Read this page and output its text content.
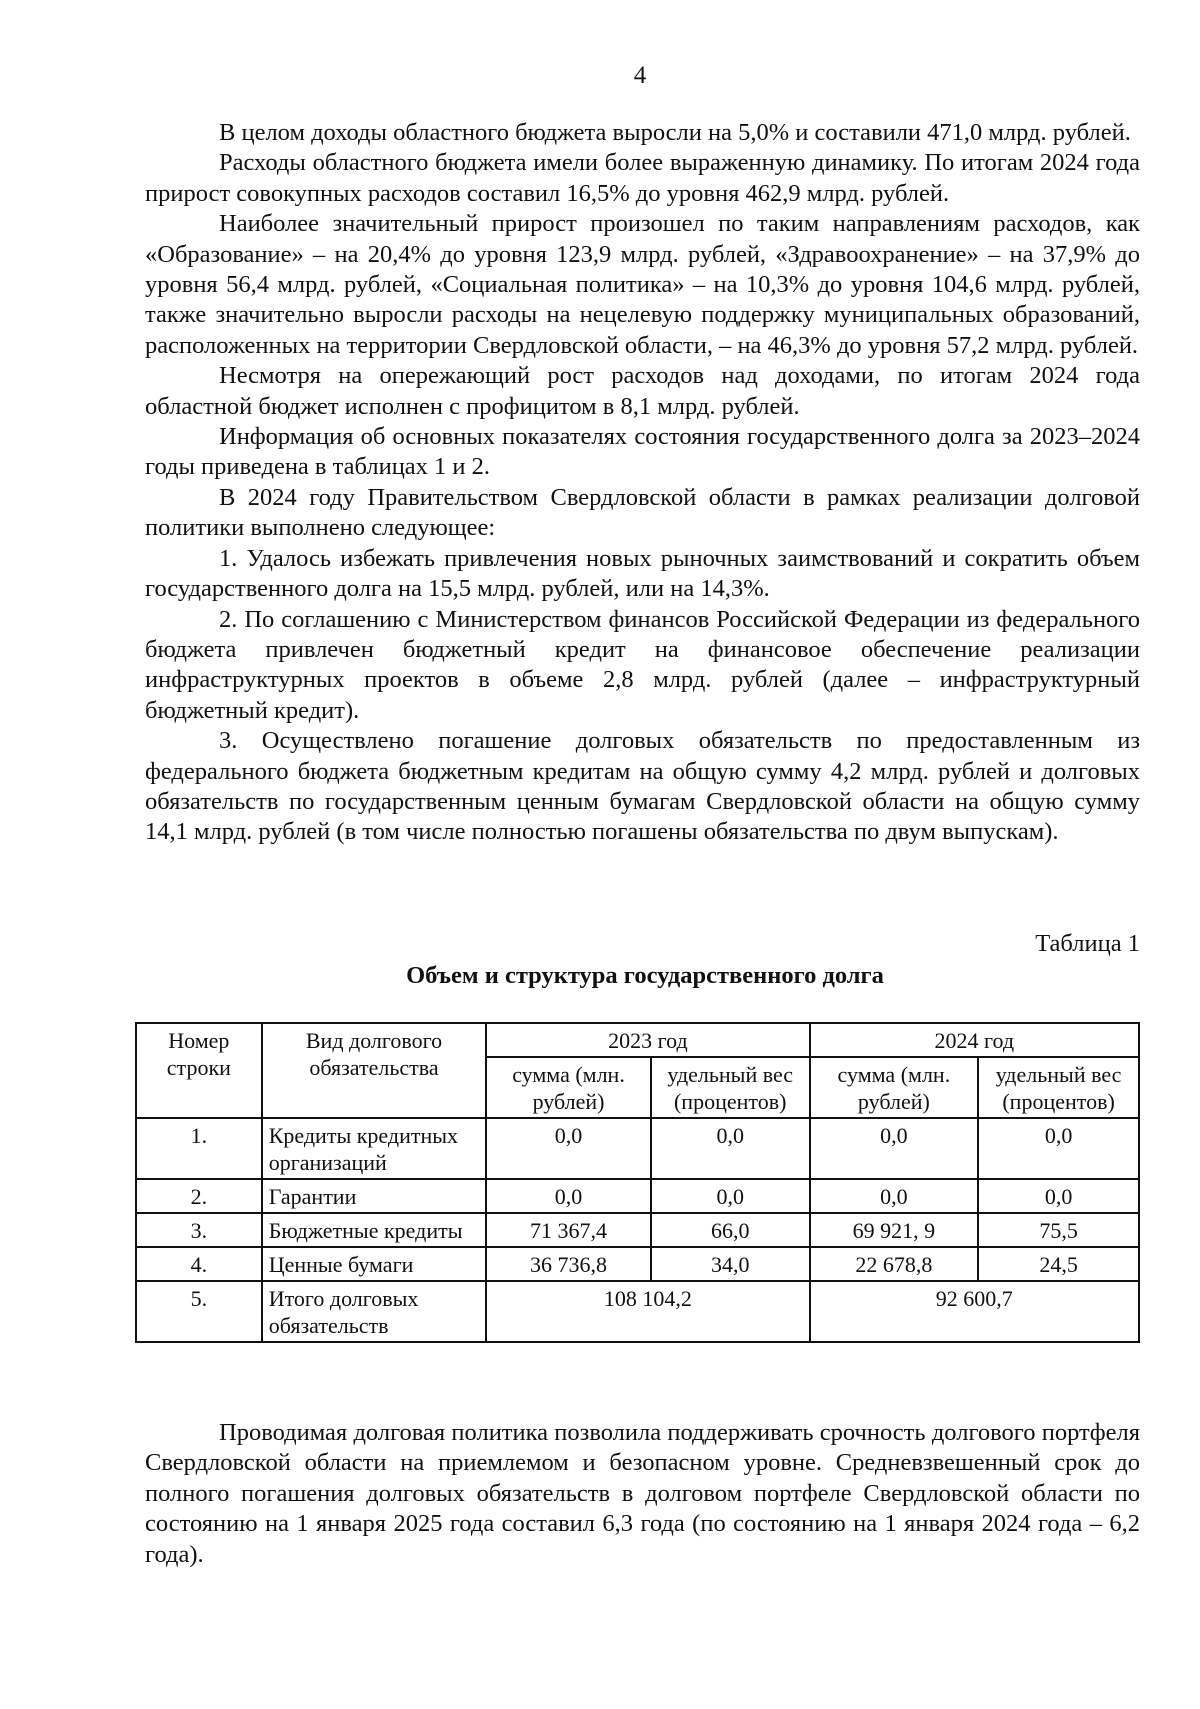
4

В целом доходы областного бюджета выросли на 5,0% и составили 471,0 млрд. рублей.

Расходы областного бюджета имели более выраженную динамику. По итогам 2024 года прирост совокупных расходов составил 16,5% до уровня 462,9 млрд. рублей.

Наиболее значительный прирост произошел по таким направлениям расходов, как «Образование» – на 20,4% до уровня 123,9 млрд. рублей, «Здравоохранение» – на 37,9% до уровня 56,4 млрд. рублей, «Социальная политика» – на 10,3% до уровня 104,6 млрд. рублей, также значительно выросли расходы на нецелевую поддержку муниципальных образований, расположенных на территории Свердловской области, – на 46,3% до уровня 57,2 млрд. рублей.

Несмотря на опережающий рост расходов над доходами, по итогам 2024 года областной бюджет исполнен с профицитом в 8,1 млрд. рублей.

Информация об основных показателях состояния государственного долга за 2023–2024 годы приведена в таблицах 1 и 2.

В 2024 году Правительством Свердловской области в рамках реализации долговой политики выполнено следующее:

1. Удалось избежать привлечения новых рыночных заимствований и сократить объем государственного долга на 15,5 млрд. рублей, или на 14,3%.

2. По соглашению с Министерством финансов Российской Федерации из федерального бюджета привлечен бюджетный кредит на финансовое обеспечение реализации инфраструктурных проектов в объеме 2,8 млрд. рублей (далее – инфраструктурный бюджетный кредит).

3. Осуществлено погашение долговых обязательств по предоставленным из федерального бюджета бюджетным кредитам на общую сумму 4,2 млрд. рублей и долговых обязательств по государственным ценным бумагам Свердловской области на общую сумму 14,1 млрд. рублей (в том числе полностью погашены обязательства по двум выпускам).

Таблица 1
Объем и структура государственного долга
Номер строки	Вид долгового обязательства	2023 год		2024 год	
		сумма (млн. рублей)	удельный вес (процентов)	сумма (млн. рублей)	удельный вес (процентов)
1.	Кредиты кредитных организаций	0,0	0,0	0,0	0,0
2.	Гарантии	0,0	0,0	0,0	0,0
3.	Бюджетные кредиты	71 367,4	66,0	69 921, 9	75,5
4.	Ценные бумаги	36 736,8	34,0	22 678,8	24,5
5.	Итого долговых обязательств	108 104,2		92 600,7	

Проводимая долговая политика позволила поддерживать срочность долгового портфеля Свердловской области на приемлемом и безопасном уровне. Средневзвешенный срок до полного погашения долговых обязательств в долговом портфеле Свердловской области по состоянию на 1 января 2025 года составил 6,3 года (по состоянию на 1 января 2024 года – 6,2 года).
